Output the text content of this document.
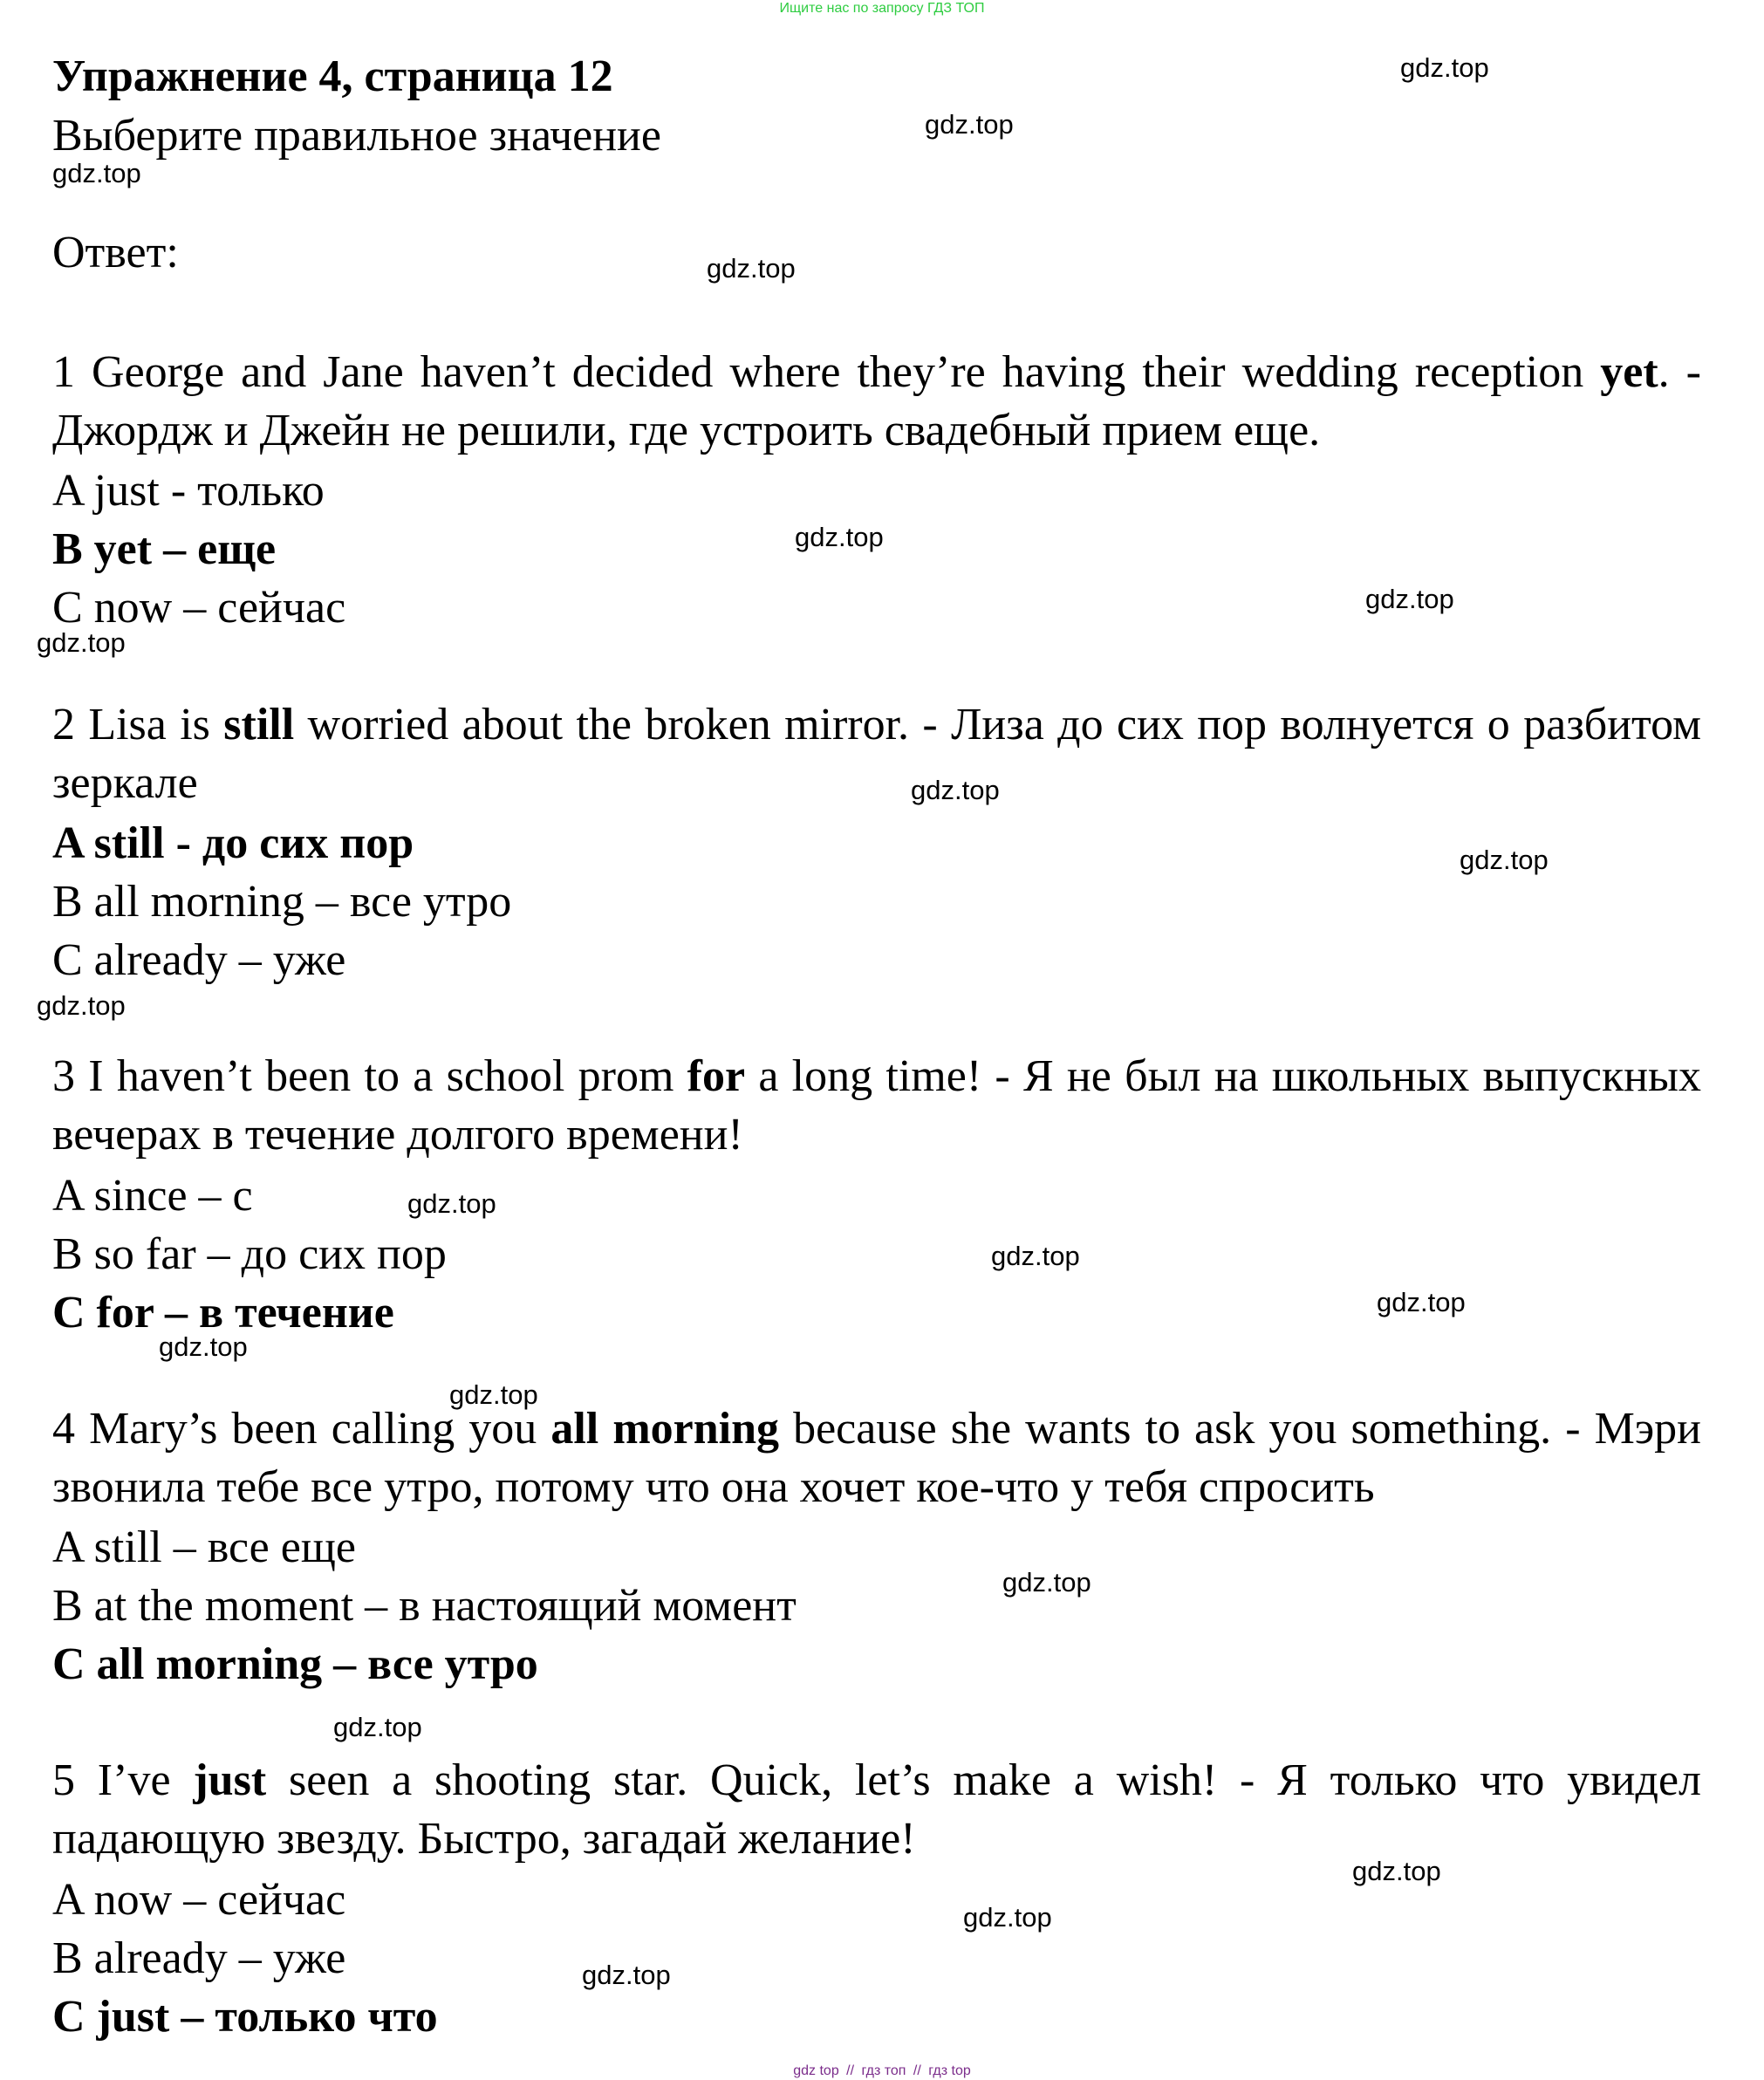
Ищите нас по запросу ГДЗ ТОП
Упражнение 4, страница 12
Выберите правильное значение
Ответ:
1 George and Jane haven’t decided where they’re having their wedding reception yet. - Джордж и Джейн не решили, где устроить свадебный прием еще.
A just - только
B yet – еще
C now – сейчас
2 Lisa is still worried about the broken mirror. - Лиза до сих пор волнуется о разбитом зеркале
A still - до сих пор
B all morning – все утро
C already – уже
3 I haven’t been to a school prom for a long time! - Я не был на школьных выпускных вечерах в течение долгого времени!
A since – с
B so far – до сих пор
C for – в течение
4 Mary’s been calling you all morning because she wants to ask you something. - Мэри звонила тебе все утро, потому что она хочет кое-что у тебя спросить
A still – все еще
B at the moment – в настоящий момент
C all morning – все утро
5 I’ve just seen a shooting star. Quick, let’s make a wish! - Я только что увидел падающую звезду. Быстро, загадай желание!
A now – сейчас
B already – уже
C just – только что
gdz.top
gdz.top
gdz.top
gdz.top
gdz.top
gdz.top
gdz.top
gdz.top
gdz.top
gdz.top
gdz.top
gdz.top
gdz.top
gdz.top
gdz.top
gdz.top
gdz.top
gdz.top
gdz.top
gdz.top
gdz top // гдз топ // гдз top
